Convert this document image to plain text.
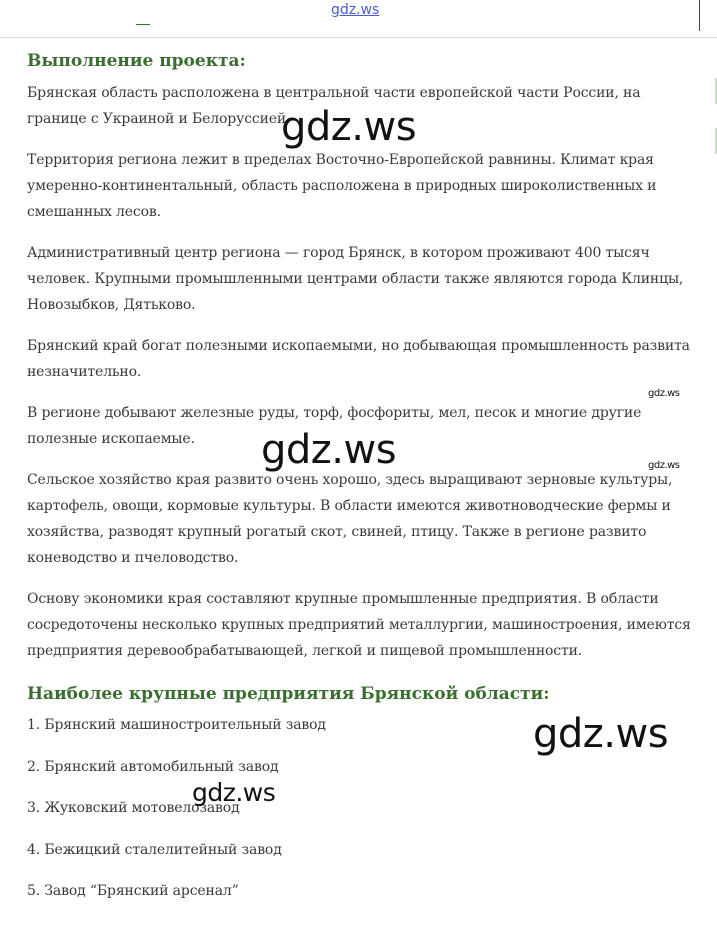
gdz.ws
Выполнение проекта:

Брянская область расположена в центральной части европейской части России, на границе с Украиной и Белоруссией.

Территория региона лежит в пределах Восточно-Европейской равнины. Климат края умеренно-континентальный, область расположена в природных широколиственных и смешанных лесов.

Административный центр региона — город Брянск, в котором проживают 400 тысяч человек. Крупными промышленными центрами области также являются города Клинцы, Новозыбков, Дятьково.

Брянский край богат полезными ископаемыми, но добывающая промышленность развита незначительно.

В регионе добывают железные руды, торф, фосфориты, мел, песок и многие другие полезные ископаемые.

Сельское хозяйство края развито очень хорошо, здесь выращивают зерновые культуры, картофель, овощи, кормовые культуры. В области имеются животноводческие фермы и хозяйства, разводят крупный рогатый скот, свиней, птицу. Также в регионе развито коневодство и пчеловодство.

Основу экономики края составляют крупные промышленные предприятия. В области сосредоточены несколько крупных предприятий металлургии, машиностроения, имеются предприятия деревообрабатывающей, легкой и пищевой промышленности.

Наиболее крупные предприятия Брянской области:
1. Брянский машиностроительный завод
2. Брянский автомобильный завод
3. Жуковский мотовелозавод
4. Бежицкий сталелитейный завод
5. Завод “Брянский арсенал”
gdz.ws
gdz.ws
gdz.ws	gdz.ws
gdz.ws
gdz.ws
